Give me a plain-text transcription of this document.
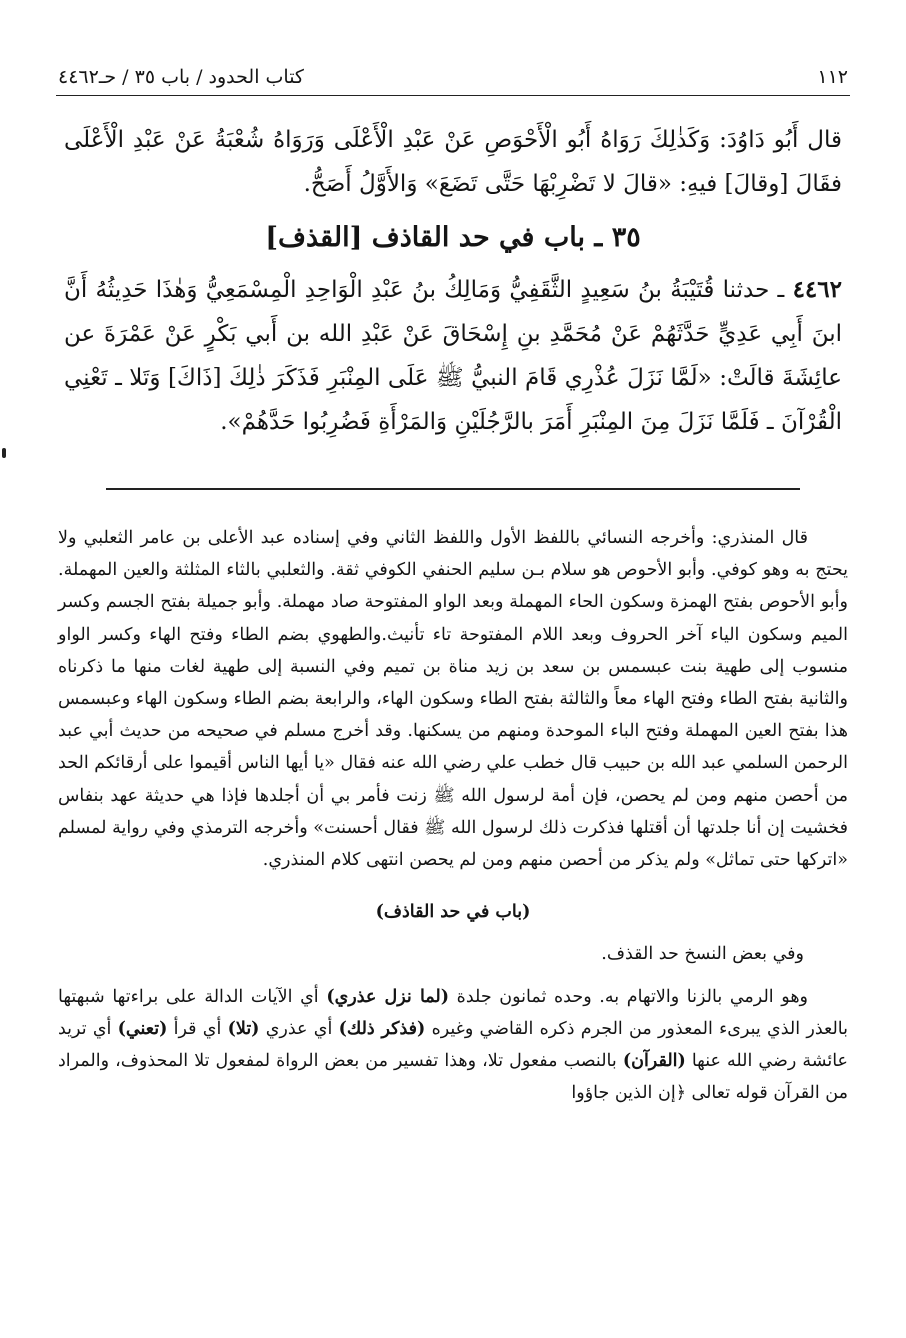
١١٢
كتاب الحدود / باب ٣٥ / حـ٤٤٦٢

قال أَبُو دَاوُدَ: وَكَذٰلِكَ رَوَاهُ أَبُو الْأَحْوَصِ عَنْ عَبْدِ الْأَعْلَى وَرَوَاهُ شُعْبَةُ عَنْ عَبْدِ الْأَعْلَى فقَالَ [وقالَ] فيهِ: «قالَ لا تَضْرِبْهَا حَتَّى تَضَعَ» وَالأَوَّلُ أَصَحُّ.

٣٥ ـ باب في حد القاذف [القذف]

٤٤٦٢ ـ حدثنا قُتَيْبَةُ بنُ سَعِيدٍ الثَّقَفِيُّ وَمَالِكُ بنُ عَبْدِ الْوَاحِدِ الْمِسْمَعِيُّ وَهٰذَا حَدِيثُهُ أَنَّ ابنَ أَبِي عَدِيٍّ حَدَّثَهُمْ عَنْ مُحَمَّدِ بنِ إِسْحَاقَ عَنْ عَبْدِ الله بن أَبي بَكْرٍ عَنْ عَمْرَةَ عن عائِشَةَ قالَتْ: «لَمَّا نَزَلَ عُذْرِي قَامَ النبيُّ ﷺ عَلَى المِنْبَرِ فَذَكَرَ ذٰلِكَ [ذَاكَ] وَتَلا ـ تَعْنِي الْقُرْآنَ ـ فَلَمَّا نَزَلَ مِنَ المِنْبَرِ أَمَرَ بالرَّجُلَيْنِ وَالمَرْأَةِ فَضُرِبُوا حَدَّهُمْ».

قال المنذري: وأخرجه النسائي باللفظ الأول واللفظ الثاني وفي إسناده عبد الأعلى بن عامر الثعلبي ولا يحتج به وهو كوفي. وأبو الأحوص هو سلام بـن سليم الحنفي الكوفي ثقة. والثعلبي بالثاء المثلثة والعين المهملة. وأبو الأحوص بفتح الهمزة وسكون الحاء المهملة وبعد الواو المفتوحة صاد مهملة. وأبو جميلة بفتح الجسم وكسر الميم وسكون الياء آخر الحروف وبعد اللام المفتوحة تاء تأنيث.والطهوي بضم الطاء وفتح الهاء وكسر الواو منسوب إلى طهية بنت عبسمس بن سعد بن زيد مناة بن تميم وفي النسبة إلى طهية لغات منها ما ذكرناه والثانية بفتح الطاء وفتح الهاء معاً والثالثة بفتح الطاء وسكون الهاء، والرابعة بضم الطاء وسكون الهاء وعبسمس هذا بفتح العين المهملة وفتح الباء الموحدة ومنهم من يسكنها. وقد أخرج مسلم في صحيحه من حديث أبي عبد الرحمن السلمي عبد الله بن حبيب قال خطب علي رضي الله عنه فقال «يا أيها الناس أقيموا على أرقائكم الحد من أحصن منهم ومن لم يحصن، فإن أمة لرسول الله ﷺ زنت فأمر بي أن أجلدها فإذا هي حديثة عهد بنفاس فخشيت إن أنا جلدتها أن أقتلها فذكرت ذلك لرسول الله ﷺ فقال أحسنت» وأخرجه الترمذي وفي رواية لمسلم «اتركها حتى تماثل» ولم يذكر من أحصن منهم ومن لم يحصن انتهى كلام المنذري.

(باب في حد القاذف)

وفي بعض النسخ حد القذف.

وهو الرمي بالزنا والاتهام به. وحده ثمانون جلدة (لما نزل عذري) أي الآيات الدالة على براءتها شبهتها بالعذر الذي يبرىء المعذور من الجرم ذكره القاضي وغيره (فذكر ذلك) أي عذري (تلا) أي قرأ (تعني) أي تريد عائشة رضي الله عنها (القرآن) بالنصب مفعول تلا، وهذا تفسير من بعض الرواة لمفعول تلا المحذوف، والمراد من القرآن قوله تعالى ﴿إن الذين جاؤوا
